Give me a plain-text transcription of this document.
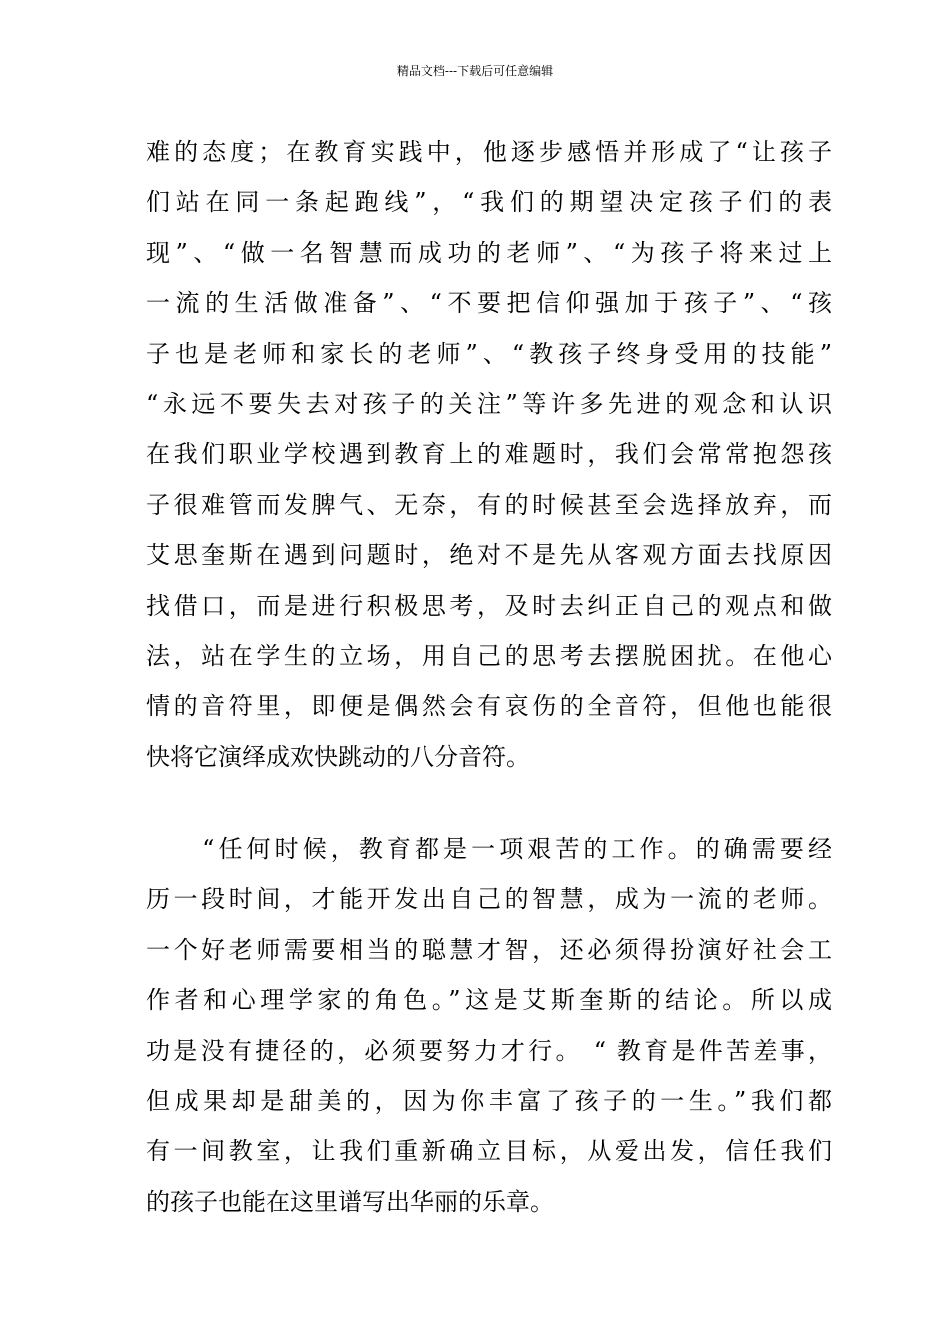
精品文档---下载后可任意编辑
难的态度；在教育实践中，他逐步感悟并形成了“让孩子
们站在同一条起跑线”，“我们的期望决定孩子们的表
现”、“做一名智慧而成功的老师”、“为孩子将来过上
一流的生活做准备”、“不要把信仰强加于孩子”、“孩
子也是老师和家长的老师”、“教孩子终身受用的技能”
“永远不要失去对孩子的关注”等许多先进的观念和认识
在我们职业学校遇到教育上的难题时，我们会常常抱怨孩
子很难管而发脾气、无奈，有的时候甚至会选择放弃，而
艾思奎斯在遇到问题时，绝对不是先从客观方面去找原因
找借口，而是进行积极思考，及时去纠正自己的观点和做
法，站在学生的立场，用自己的思考去摆脱困扰。在他心
情的音符里，即便是偶然会有哀伤的全音符，但他也能很
快将它演绎成欢快跳动的八分音符。
　　“任何时候，教育都是一项艰苦的工作。的确需要经
历一段时间，才能开发出自己的智慧，成为一流的老师。
一个好老师需要相当的聪慧才智，还必须得扮演好社会工
作者和心理学家的角色。”这是艾斯奎斯的结论。所以成
功是没有捷径的，必须要努力才行。 “ 教育是件苦差事，
但成果却是甜美的，因为你丰富了孩子的一生。”我们都
有一间教室，让我们重新确立目标，从爱出发，信任我们
的孩子也能在这里谱写出华丽的乐章。
